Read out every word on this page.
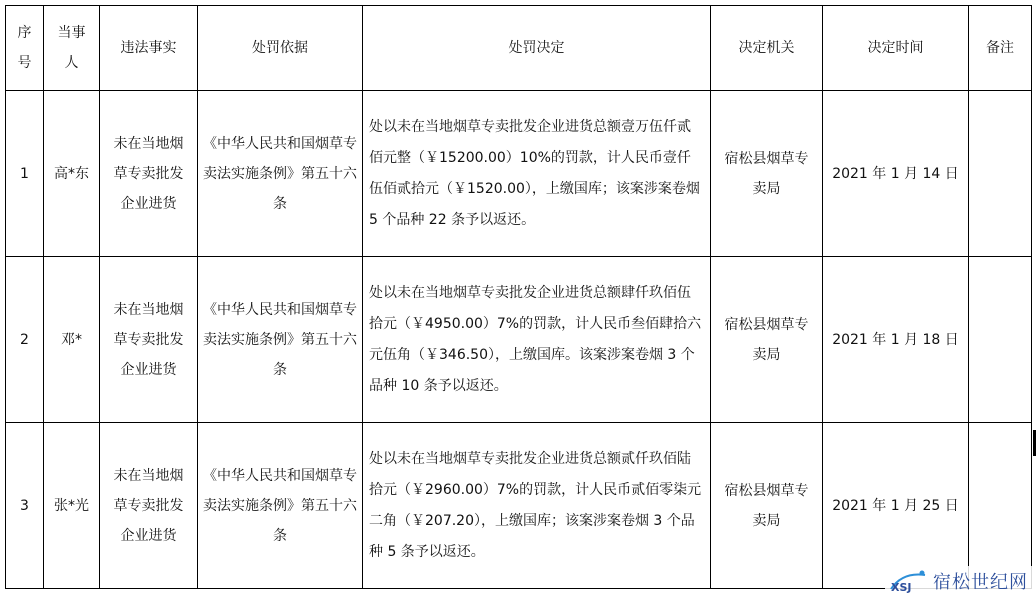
序号	当事人	违法事实	处罚依据	处罚决定	决定机关	决定时间	备注
1	高*东	未在当地烟草专卖批发企业进货	《中华人民共和国烟草专卖法实施条例》第五十六条	处以未在当地烟草专卖批发企业进货总额壹万伍仟贰佰元整（￥15200.00）10%的罚款，计人民币壹仟伍佰贰拾元（￥1520.00），上缴国库；该案涉案卷烟 5 个品种 22 条予以返还。	宿松县烟草专卖局	2021 年 1 月 14 日	
2	邓*	未在当地烟草专卖批发企业进货	《中华人民共和国烟草专卖法实施条例》第五十六条	处以未在当地烟草专卖批发企业进货总额肆仟玖佰伍拾元（￥4950.00）7%的罚款，计人民币叁佰肆拾六元伍角（￥346.50），上缴国库。该案涉案卷烟 3 个品种 10 条予以返还。	宿松县烟草专卖局	2021 年 1 月 18 日	
3	张*光	未在当地烟草专卖批发企业进货	《中华人民共和国烟草专卖法实施条例》第五十六条	处以未在当地烟草专卖批发企业进货总额贰仟玖佰陆拾元（￥2960.00）7%的罚款，计人民币贰佰零柒元二角（￥207.20），上缴国库；该案涉案卷烟 3 个品种 5 条予以返还。	宿松县烟草专卖局	2021 年 1 月 25 日	
XSJ 宿松世纪网
